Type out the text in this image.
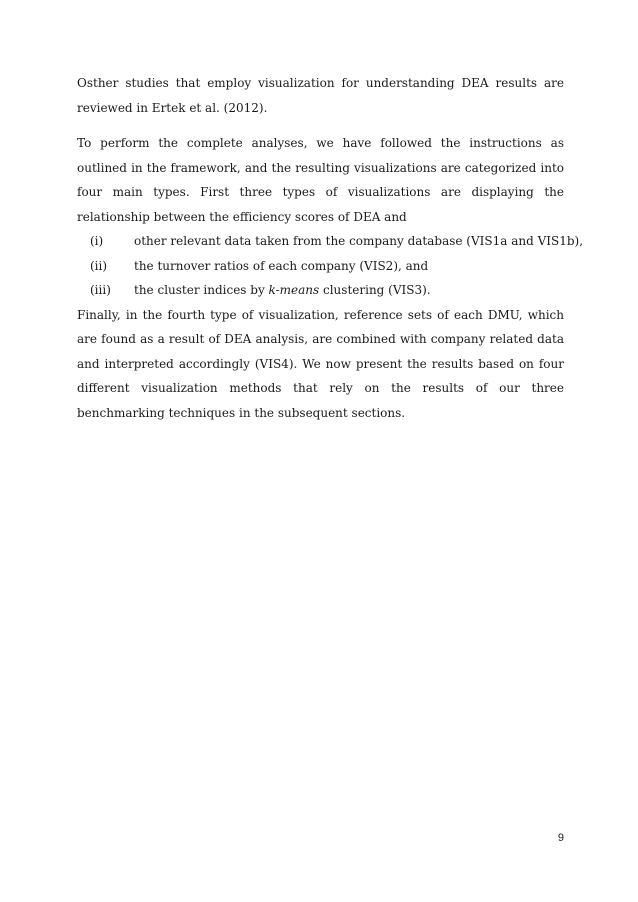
Osther studies that employ visualization for understanding DEA results are reviewed in Ertek et al. (2012).

To perform the complete analyses, we have followed the instructions as outlined in the framework, and the resulting visualizations are categorized into four main types. First three types of visualizations are displaying the relationship between the efficiency scores of DEA and

(i)	other relevant data taken from the company database (VIS1a and VIS1b),
(ii) the turnover ratios of each company (VIS2), and
(iii) the cluster indices by k-means clustering (VIS3).

Finally, in the fourth type of visualization, reference sets of each DMU, which are found as a result of DEA analysis, are combined with company related data and interpreted accordingly (VIS4). We now present the results based on four different visualization methods that rely on the results of our three benchmarking techniques in the subsequent sections.

9
